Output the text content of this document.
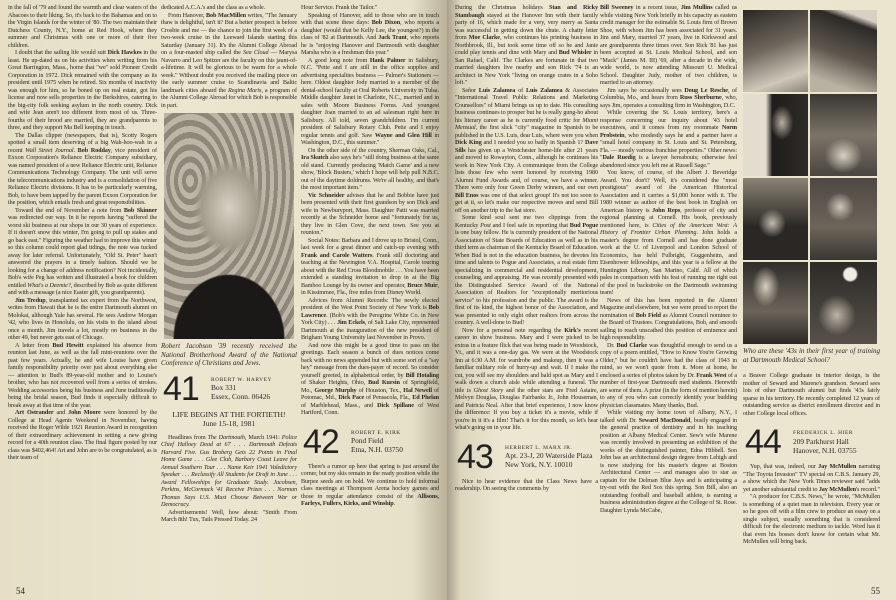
in the fall of '79 and found the warmth and clear waters of the Abacoes to their liking. So, it's back to the Bahamas and on to the Virgin Islands for the winter of '80. The two maintain their Dutchess County, N.Y., home at Red Hook, where they summer and Christmas with one or more of their five children.

I doubt that the sailing life would suit Dick Hawkes in the least. He up-dated us on his activities when writing from his Great Barrington, Mass., home that "we" sold Pioneer Credit Corporation in 1972. Dick remained with the company as its president until 1975 when he retired. Six months of inactivity was enough for him, so he boned up on real estate, got his license and now sells properties in the Berkshires, catering to the big-city folk seeking asylum in the north country. Dick and wife Jean aren't too different from most of us. Three-fourths of their brood are married, they are grandparents to three, and they support Ma Bell keeping in touch.

The Dallas clipper (newspapers, that is), Scotty Rogers spotted a small item deserving of a big Wah-hoo-wah in a recent Wall Street Journal. Bob Rodday, vice president of Exxon Corporation's Reliance Electric Company subsidiary, was named president of a new Reliance Electric unit, Reliance Communications Technology Company. The unit will serve the telecommunications industry and is a consolidation of five Reliance Electric divisions. It has to be particularly warming, Bob, to have been tapped by the parent Exxon Corporation for the position, which entails fresh and great responsibilities.

Toward the end of November a note from Bob Skinner was redirected our way. In it he reports having "suffered the worst ski business at our shops in our 30 years of experience. If it doesn't snow this winter, I'm going to pull up stakes and go back east." Figuring the weather had to improve this winter so this column could report glad tidings, the note was tucked away for later referral. Unfortunately, "Old St. Peter" hasn't answered the prayers in a timely fashion. Should we be looking for a change of address notification? Not incidentally, Bob's wife Peg has written and illustrated a book for children entitled What's a Deemie?, described by Bob as quite different and with a message (a nice Easter gift, you grandparents).

Jim Tredup, transplanted tax expert from the Northwest, writes from Hawaii that he is the entire Dartmouth alumni on Molokai, although Yale has several. He sees Andrew Morgan '42, who lives in Honolulu, on his visits to the island about once a month. Jim travels a lot, mostly on business in the other 49, but never gets east of Chicago.

A letter from Bud Hewitt explained his absence from reunion last June, as well as the fall mini-reunions over the past few years. Actually, he and wife Louise have given family responsibility priority over just about everything else — attention to Bud's 89-year-old mother and to Louise's brother, who has not recovered well from a series of strokes. Wedding accessories being his business and June traditionally being the bridal season, Bud finds it especially difficult to break away at that time of the year.

Art Ostrander and John Moore were honored by the College at Head Agents Weekend in November, having received the Roger Wilde 1921 Reunion Award in recognition of their extraordinary achievement in setting a new giving record for a 40th reunion class. The final figure posted by our class was $402,464! Art and John are to be congratulated, as is their team of

dedicated A.C.A.'s and the class as a whole.

From Hanover, Bob MacMillen writes, "The January thaw is delightful, isn't it? But a better prospect is before Crosbie and me — the chance to join the first week of a two-week cruise in the Leeward Islands starting this Saturday (January 31). It's the Alumni College Abroad on a four-masted ship called the Sea Cloud — Marysa Navarro and Leo Spitzer are the faculty on this jaunt-of-a-lifetime. It will be glorious to be warm for a whole week." Without doubt you received the mailing piece on the early summer cruise to Scandinavia and Baltic landmark cities aboard the Regina Maris, a program of the Alumni College Abroad for which Bob is responsible in part.

Robert Jacobson '39 recently received the National Brotherhood Award of the National Conference of Christians and Jews.
41 ROBERT W. HARVEY
Box 331
Essex, Conn. 06426
LIFE BEGINS AT THE FORTIETH!
June 15-18, 1981

Headlines from The Dartmouth, March 1941: Police Chief Halloey Dead at 67 . . . Dartmouth Defeats Harvard Five. Gus Broberg Gets 22 Points in Final Home Game . . . Glee Club, Barbary Coast Leave for Annual Southern Tour . . . Name Keir 1941 Valedictory Speaker . . . Reclassify All Students for Draft in June . . . Award Fellowships for Graduate Study. Jacobsen, Perkins, McCormack '41 Receive Prizes . . . Norman Thomas Says U.S. Must Choose Between War or Democracy.

Advertisements! Well, how about: "Smith From March 8th! Tux, Tails Pressed Today. 24

Hour Service. Frank the Tailor."

Speaking of Hanover, add to those who are in touch with that scene these days: Bob Dixon, who reports a daughter (would that be Kelly Lee, the youngest?) in the class of '82 at Dartmouth. And Jack Trant, who reports he is "enjoying Hanover and Dartmouth with daughter Marsha who is a freshman this year."

A good long note from Hank Palmer in Salisbury, N.C. "Petie and I are still in the office supplies and advertising specialties business — Palmer's Stationers — here. Oldest daughter Jody married to a member of the dental-school faculty at Oral Roberts University in Tulsa. Middle daughter Janet in Charlotte, N.C., married and in sales with Moore Business Forms. And youngest daughter Joan married to an ad salesman right here in Salisbury. All told, seven grandchildren. I'm current president of Salisbury Rotary Club. Petie and I enjoy regular tennis and golf. Saw Wayne and Glen Hill in Washington, D.C., this summer."

On the other side of the country, Sherman Oaks, Cal., Ira Skutch also says he's "still doing business at the same old stand. Currently producing 'Match Game' and a new show, 'Block Busters,' which I hope will help pull N.B.C. out of the daytime doldrums. We're all healthy, and that's the most important item."

Vic Schneider advises that he and Bobbie have just been presented with their first grandson by son Dick and wife in Newburyport, Mass. Daughter Patti was married recently at the Schneider home and "fortunately for us, they live in Glen Cove, the next town. See you at reunion."

Social Notes: Barbara and I drove up to Bristol, Conn., last week for a great dinner and catch-up evening with Frank and Carole Watters. Frank still doctoring and teaching at the Newington V.A. Hospital, Carole touring about with the Red Cross Bloodmobile . . . You have been extended a standing invitation to drop in at the Big Bamboo Lounge by its owner and operator, Bruce Muir, in Kissimmee, Fla., five miles from Disney World.

Advices from Alumni Records: The newly elected president of the West Point Society of New York is Bob Lawrence. (Bob's with the Peregrine White Co. in New York City) . . . Jim Eckels, of Salt Lake City, represented Dartmouth at the inauguration of the new president of Brigham Young University last November in Provo.

And now this might be a good time to pass on the greetings. Each season a bunch of dues notices come back with no news appended but with some sort of a "say hey" message from the dues-payer of record. So consider yourself greeted, in alphabetical order, by Bill Hotaling of Shaker Heights, Ohio, Bud Kursin of Springfield, Mo., George Murphy of Houston, Tex., Hal Newell of Potomac, Md., Dick Pace of Pensacola, Fla., Ed Phelan of Marblehead, Mass., and Dick Spillane of West Hartford, Conn.

42 ROBERT E. KIRK
Pond Field
Etna, N.H. 03750

There's a rumor up here that spring is just around the corner, but my skis remain in the ready position while the Burpee seeds are on hold. We continue to hold informal class meetings at Thompson Arena hockey games and those in regular attendance consist of the Allisons, Farleys, Fullers, Kirks, and Winship.

54

During the Christmas holidays Stan and Ricky Stambaugh stayed at the Hanover Inn with their family party of 16, which made for a very, very merry as Santa was successful in getting down the chute. A chatty letter from Moe Clarke, who continues his printing business in Northbrook, Ill., but took some time off so he and Janie could play tennis and dine with Mary and Bud Whisler in San Rafael, Calif. The Clarkes are fortunate in that two married daughters live nearby and son Rick '74 is an architect in New York "living on orange crates in a Soho loft."

Señor Luis Zalamea of Luis Zalamea & Associates "International Travel Public Relations and Marketing Counsellors" of Miami brings us up to date. His consulting business continues to prosper but he is really gung-ho about his literary career as he is currently food critic for Miami Mensual, the first slick "city" magazine in Spanish to be published in the U.S. Luis, dear Luis, where were you when Dick King and I needed you so badly in Spanish 1? Dave Sills has given up a Westchester home-life after 21 years and moved to Rowayton, Conn., although he continues his work in New York City. A communique from the College lists those few who were honored by receiving 1980 Alumni Fund Awards and, of course, we have a winner. There were only four Green Derby winners, and our own Bill Enos was one of that select group! It's not too soon to get at it, so let's make our respective moves and send Bill off on another trip to the hat store.

Some kind soul sent me two clippings from the Kentucky Post and I feel safe in reporting that Bud Pogue is one busy fellow. He is currently president of the National Association of State Boards of Education as well as in his third term as chairman of the Kentucky Board of Education. When Bud is not in the education business, he devotes his time and talents to Pogue and Associates, a real estate firm specializing in commercial and residential development, counseling, and appraising. He was recently presented with the Distinguished Service Award of the National Association of Realtors for "exceptionally meritorious service" to his profession and the public. The award is the first of its kind, the highest honor of the Association, and was presented to only eight other realtors from across the country. A well-done to Bud!

Now for a personal note regarding the Kirk's recent career in show business. Mary and I were picked to be extras in a feature flick that was being made in Woodstock, Vt., and it was a one-day gas. We were at the Woodstock Inn at 6:30 A.M. for wardrobe and makeup, then it was a familiar military role of hurry-up and wait. If I make the cut, you will see my shoulders and bald spot as Mary and I walk down a church aisle while attending a funeral. The title is Ghost Story and the other stars are Fred Astaire, Melvyn Douglas, Douglas Fairbanks Jr., John Houseman, and Patricia Neal. After that brief experience, I now know the difference: If you buy a ticket it's a movie, while if you're in it it's a film! That's it for this month, so let's hear what's going on in your life.

43 HERBERT L. MARX JR.
Apt. 23-J, 20 Waterside Plaza
New York, N.Y. 10010

Nice to hear evidence that the Class News have a readership. On seeing the comments by

Bill Sweeney in a recent issue, Jim Mullins called us while visiting New York briefly in his capacity as eastern credit manager for the estimable St. Louis firm of Brown Shoe, with whom Jim has been associated for 31 years. Jim and Mary, married 37 years, live in Kirkwood and are grandparents three times over. Son Rick '81 has just been accepted at St. Louis Medical School, and son "Mack" (James M. III) '69, after a decade in the wide, wide world, is now attending Missouri U. Medical School. Daughter Judy, mother of two children, is married to an attorney.

Jim says he occasionally sees Doug Le Resche, of Columbia, Mo., and hears from Russ Sherburne, who, says Jim, operates a consulting firm in Washington, D.C.

While covering the St. Louis territory, here's a response concerning our inquiry about '43 hotel executives, and it comes from my roommate Norm Probstein, who modestly says he and a partner have a "small hotel company in St. Louis and St. Petersburg, Fla. — mostly various franchise properties." Other news: "Dale Ruedig is a lawyer hereabouts; otherwise feel abandoned since you left me at Russell Sage."

You know, of course, of the Albert J. Beveridge Award. You don't? Well, it's considered the "most prestigious" award of the American Historical Association and it carries a $1,000 honor with it. The 1980 winner as author of the best book in English on American history is John Reps, professor of city and regional planning at Cornell. His book, previously mentioned here, is Cities of the American West: A History of Frontier Urban Planning. John holds a master's degree from Cornell and has done graduate work at the U. of Liverpool and London School of Economics, has held Fulbright, Guggenheim, and Eisenhower fellowships, and this year is a fellow at the Huntington Library, San Marino, Calif. All of which pales in comparison with his feat of running me right out of the pool in backstroke on the Dartmouth swimming team!

News of this has been reported in the Alumni Magazine and elsewhere, but we were proud to report the nomination of Bob Field as Alumni Council nominee to the Board of Trustees. Congratulations, Bob, and smooth sailing to reach unscathed this position of eminence and high responsibility.

Dr. Bud Clarke was thoughtful enough to send us a copy of a poem entitled, "How to Know You're Growing Older," but he couldn't have had the class of 1943 in mind, so we won't quote from it. More at home, he enclosed a series of photos taken by Dr. Frank West of a number of first-year Dartmouth med students. Herewith are some of them. A prize (in the form of mention herein) to any of you who can correctly identify your budding physician classmates. Many thanks, Bud.

While visiting my home town of Albany, N.Y., I talked with Dr. Seward MacDonald, busily engaged in the general practice of dentistry and in his teaching position at Albany Medical Center. Sew's wife Marene was recently involved in presenting an exhibition of the works of the distinguished painter, Edna Hibbell. Son John has an architectural design degree from Lehigh and is now studying for his master's degree at Boston Architectural Center — and manages also to star as captain for the Delman Blue Jays and is anticipating a try-out with the Red Sox this spring. Son Bill, also an outstanding football and baseball athlete, is earning a business administration degree at the College of St. Rose. Daughter Lynda McCabe,

Who are these '43s in their first year of training at Dartmouth Medical School?

a Beaver College graduate in interior design, is the mother of Seward and Marene's grandson. Seward sees lots of other Dartmouth alumni but finds '43s fairly sparse in his territory. He recently completed 12 years of outstanding service as district enrollment director and in other College local offices.

44 FREDERICK L. HIER
209 Parkhurst Hall
Hanover, N.H. 03755

Yup, that was, indeed, our Jay McMullen narrating "The Toyota Invasion" TV special on C.B.S. January 29, a show which the New York Times reviewer said "adds yet another substantial credit to Jay McMullen's record."

"A producer for C.B.S. News," he wrote, "McMullen is something of a quiet man in television. Every year or so he goes off with a film crew to produce an essay on a single subject, usually something that is considered difficult for the electronic medium to tackle. Word has it that even his bosses don't know for certain what Mr. McMullen will bring back.

55
